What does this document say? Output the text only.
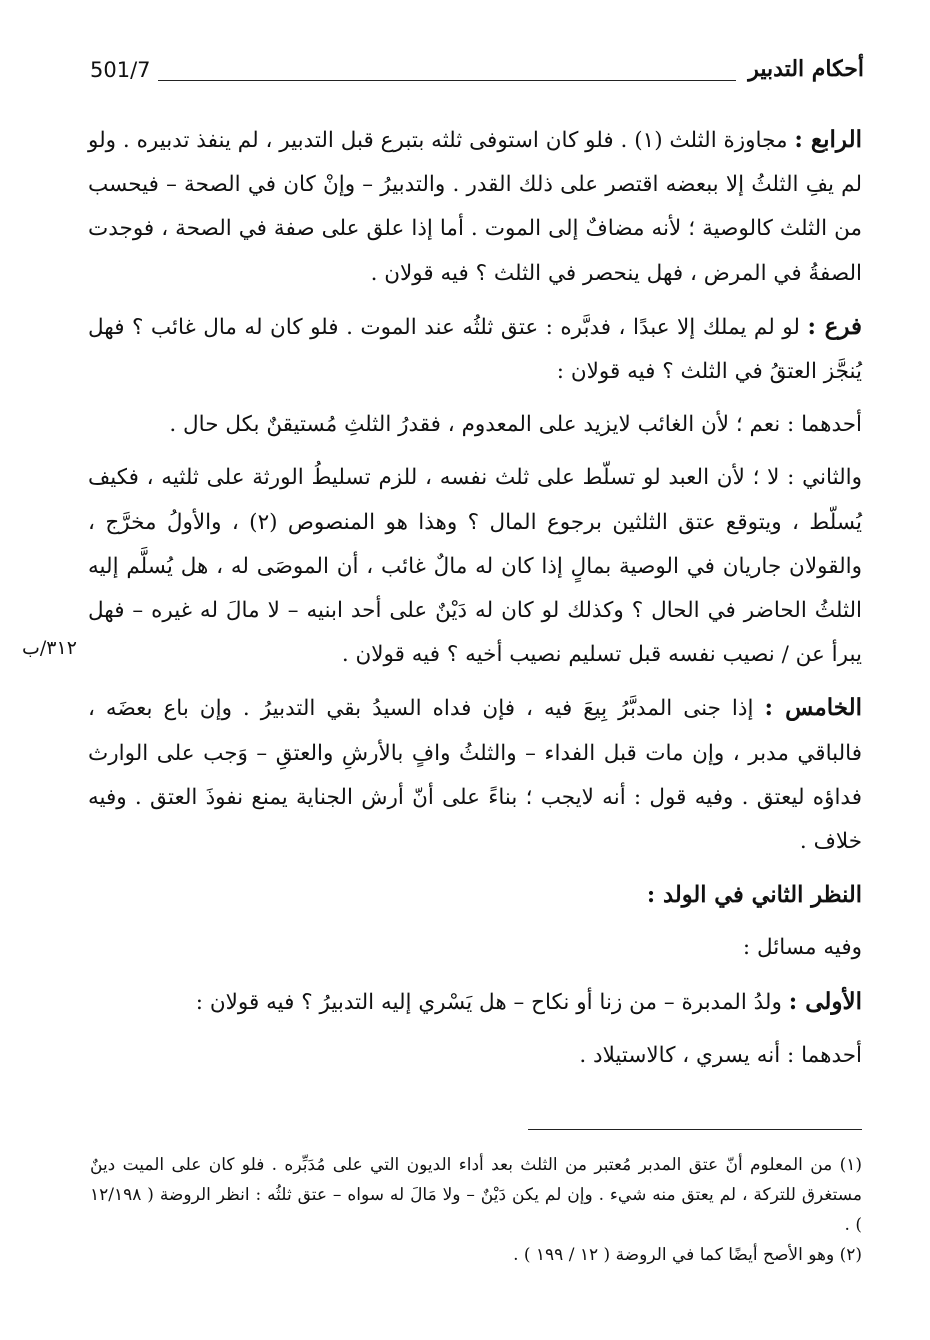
أحكام التدبير
501/7
٣١٢/ب

الرابع : مجاوزة الثلث (١) . فلو كان استوفى ثلثه بتبرع قبل التدبير ، لم ينفذ تدبيره . ولو لم يفِ الثلثُ إلا ببعضه اقتصر على ذلك القدر . والتدبيرُ – وإنْ كان في الصحة – فيحسب من الثلث كالوصية ؛ لأنه مضافٌ إلى الموت . أما إذا علق على صفة في الصحة ، فوجدت الصفةُ في المرض ، فهل ينحصر في الثلث ؟ فيه قولان .

فرع : لو لم يملك إلا عبدًا ، فدبَّره : عتق ثلثُه عند الموت . فلو كان له مال غائب ؟ فهل يُنجَّز العتقُ في الثلث ؟ فيه قولان :

أحدهما : نعم ؛ لأن الغائب لايزيد على المعدوم ، فقدرُ الثلثِ مُستيقنٌ بكل حال .

والثاني : لا ؛ لأن العبد لو تسلّط على ثلث نفسه ، للزم تسليطُ الورثة على ثلثيه ، فكيف يُسلّط ، ويتوقع عتق الثلثين برجوع المال ؟ وهذا هو المنصوص (٢) ، والأولُ مخرَّج ، والقولان جاريان في الوصية بمالٍ إذا كان له مالٌ غائب ، أن الموصَى له ، هل يُسلَّم إليه الثلثُ الحاضر في الحال ؟ وكذلك لو كان له دَيْنٌ على أحد ابنيه – لا مالَ له غيره – فهل يبرأ عن / نصيب نفسه قبل تسليم نصيب أخيه ؟ فيه قولان .

الخامس : إذا جنى المدبَّرُ بِيعَ فيه ، فإن فداه السيدُ بقي التدبيرُ . وإن باع بعضَه ، فالباقي مدبر ، وإن مات قبل الفداء – والثلثُ وافٍ بالأرشِ والعتقِ – وَجب على الوارث فداؤه ليعتق . وفيه قول : أنه لايجب ؛ بناءً على أنّ أرش الجناية يمنع نفوذَ العتق . وفيه خلاف .

النظر الثاني في الولد :

وفيه مسائل :

الأولى : ولدُ المدبرة – من زنا أو نكاح – هل يَسْري إليه التدبيرُ ؟ فيه قولان :

أحدهما : أنه يسري ، كالاستيلاد .

(١) من المعلوم أنّ عتق المدبر مُعتبر من الثلث بعد أداء الديون التي على مُدَبِّره . فلو كان على الميت دينٌ مستغرق للتركة ، لم يعتق منه شيء . وإن لم يكن دَيْنٌ – ولا مَالَ له سواه – عتق ثلثُه : انظر الروضة ( ١٢/١٩٨ ) .

(٢) وهو الأصح أيضًا كما في الروضة ( ١٢ / ١٩٩ ) .
